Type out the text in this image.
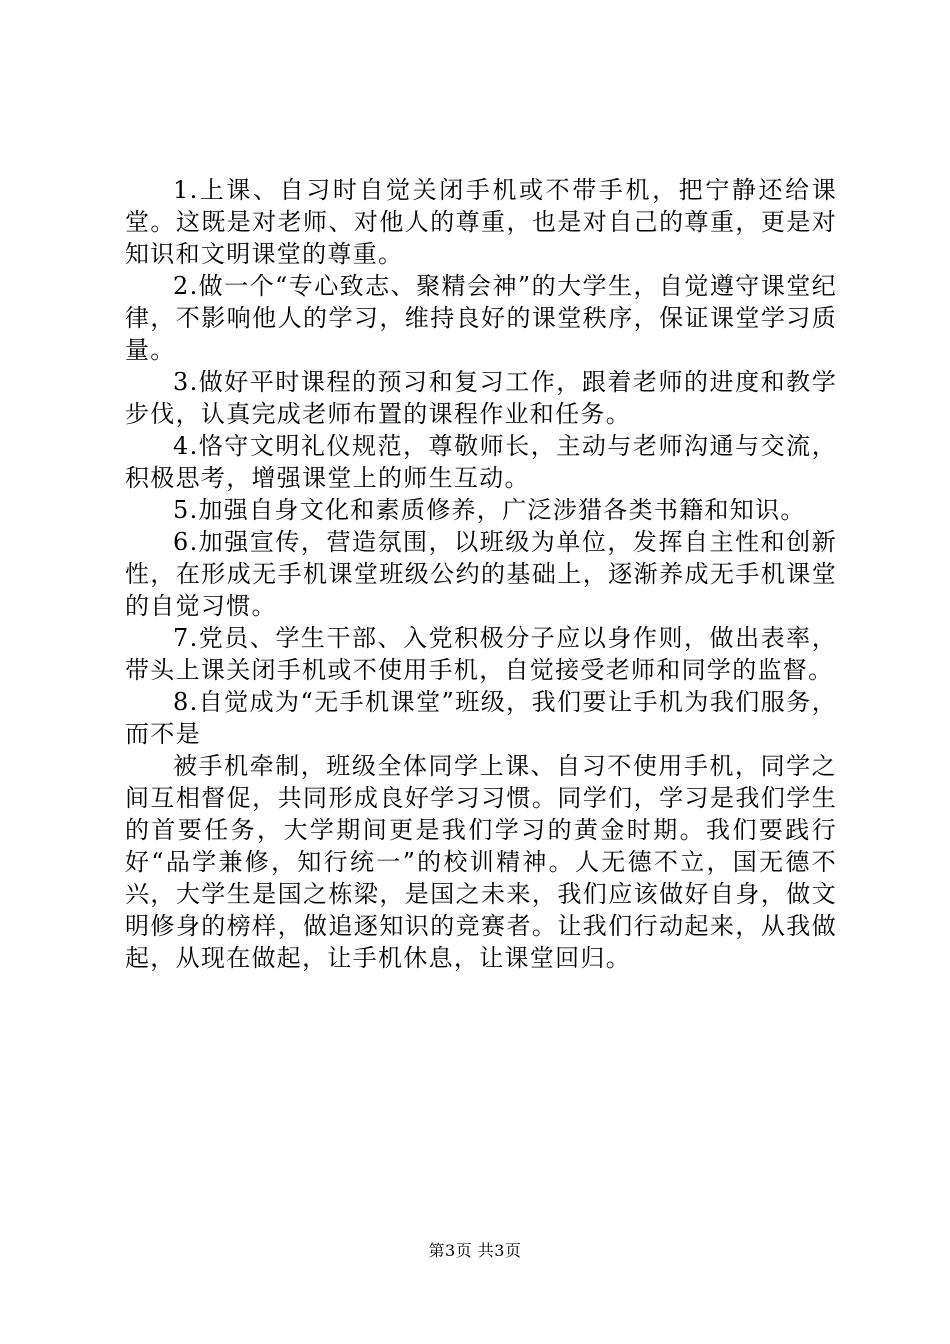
1.上课、自习时自觉关闭手机或不带手机，把宁静还给课堂。这既是对老师、对他人的尊重，也是对自己的尊重，更是对知识和文明课堂的尊重。

2.做一个“专心致志、聚精会神”的大学生，自觉遵守课堂纪律，不影响他人的学习，维持良好的课堂秩序，保证课堂学习质量。

3.做好平时课程的预习和复习工作，跟着老师的进度和教学步伐，认真完成老师布置的课程作业和任务。

4.恪守文明礼仪规范，尊敬师长，主动与老师沟通与交流，积极思考，增强课堂上的师生互动。

5.加强自身文化和素质修养，广泛涉猎各类书籍和知识。

6.加强宣传，营造氛围，以班级为单位，发挥自主性和创新性，在形成无手机课堂班级公约的基础上，逐渐养成无手机课堂的自觉习惯。

7.党员、学生干部、入党积极分子应以身作则，做出表率，带头上课关闭手机或不使用手机，自觉接受老师和同学的监督。

8.自觉成为“无手机课堂”班级，我们要让手机为我们服务，而不是

被手机牵制，班级全体同学上课、自习不使用手机，同学之间互相督促，共同形成良好学习习惯。同学们，学习是我们学生的首要任务，大学期间更是我们学习的黄金时期。我们要践行好“品学兼修，知行统一”的校训精神。人无德不立，国无德不兴，大学生是国之栋梁，是国之未来，我们应该做好自身，做文明修身的榜样，做追逐知识的竞赛者。让我们行动起来，从我做起，从现在做起，让手机休息，让课堂回归。

第3页 共3页
